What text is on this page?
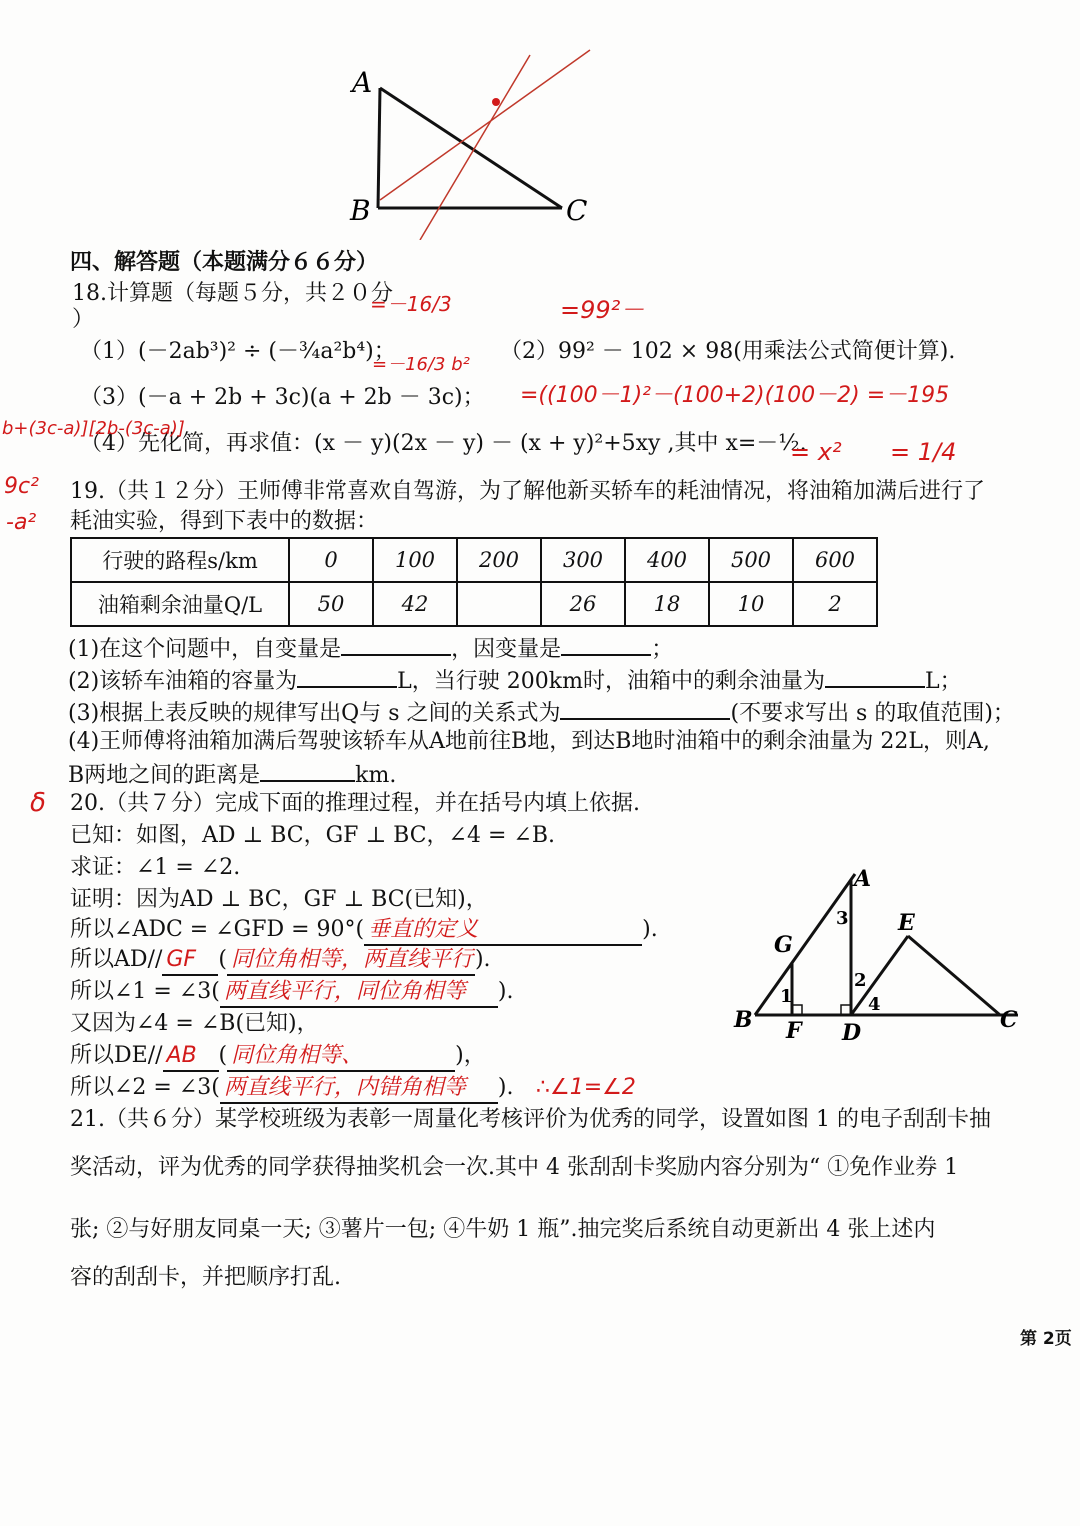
A
B	C
四、解答题（本题满分６６分）
18.计算题（每题５分，共２０分
）
（1）(－2ab³)² ÷ (－¾a²b⁴)；	（2）99² － 102 × 98(用乘法公式简便计算).
（3）(－a + 2b + 3c)(a + 2b － 3c)；
（4）先化简，再求值：(x － y)(2x － y) － (x + y)²+5xy ,其中 x=－½.
19.（共１２分）王师傅非常喜欢自驾游，为了解他新买轿车的耗油情况，将油箱加满后进行了
耗油实验，得到下表中的数据：
行驶的路程s/km	0	100	200	300	400	500	600
油箱剩余油量Q/L	50	42		26	18	10	2
(1)在这个问题中，自变量是	，因变量是	；
(2)该轿车油箱的容量为	L，当行驶 200km时，油箱中的剩余油量为	L；
(3)根据上表反映的规律写出Q与 s 之间的关系式为	(不要求写出 s 的取值范围)；
(4)王师傅将油箱加满后驾驶该轿车从A地前往B地，到达B地时油箱中的剩余油量为 22L，则A,
B两地之间的距离是	km.
20.（共７分）完成下面的推理过程，并在括号内填上依据.
已知：如图，AD ⊥ BC，GF ⊥ BC，∠4 = ∠B.
求证：∠1 = ∠2.
证明：因为AD ⊥ BC，GF ⊥ BC(已知)，
所以∠ADC = ∠GFD = 90°( 垂直的定义	).
所以AD// GF ( 同位角相等，两直线平行).
所以∠1 = ∠3( 两直线平行，同位角相等 ).
又因为∠4 = ∠B(已知)，
所以DE// AB ( 同位角相等、	)，
所以∠2 = ∠3( 两直线平行，内错角相等 ). ∴∠1=∠2
A
B	C
D
E
F
G
1
2
3
4
21.（共６分）某学校班级为表彰一周量化考核评价为优秀的同学，设置如图 1 的电子刮刮卡抽
奖活动，评为优秀的同学获得抽奖机会一次.其中 4 张刮刮卡奖励内容分别为“ ①免作业券 1
张; ②与好朋友同桌一天; ③薯片一包; ④牛奶 1 瓶”.抽完奖后系统自动更新出 4 张上述内
容的刮刮卡，并把顺序打乱.
=－16/3
=－16/3 b²
=99²－
=((100－1)²－(100+2)(100－2) =－195
b+(3c-a)][2b-(3c-a)]
= x² = 1/4
9c²
-a²
δ
第 2页
